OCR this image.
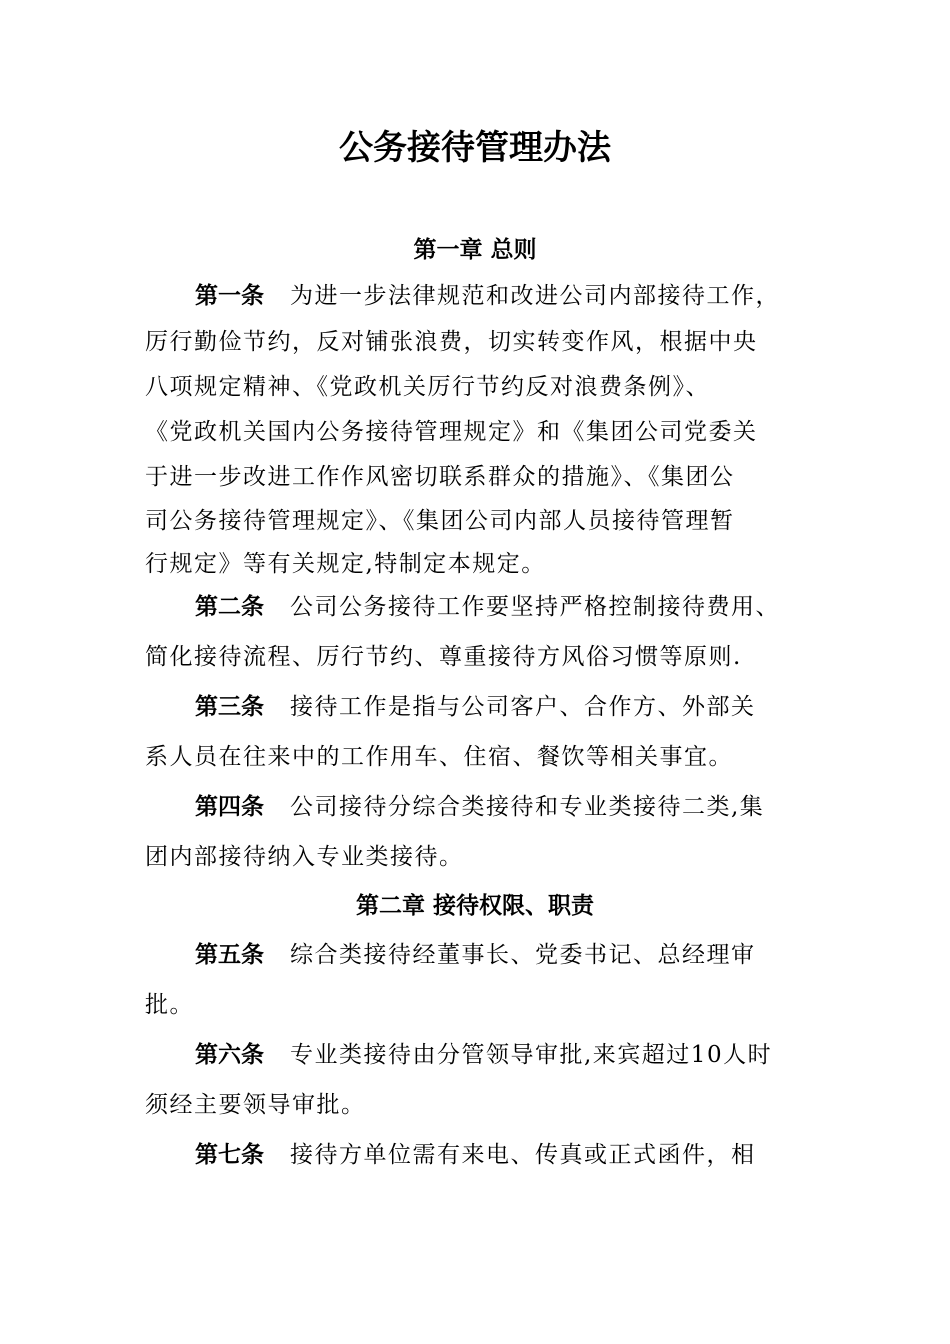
公务接待管理办法
第一章 总则
第一条 为进一步法律规范和改进公司内部接待工作，
厉行勤俭节约，反对铺张浪费，切实转变作风，根据中央
八项规定精神、《党政机关厉行节约反对浪费条例》、
《党政机关国内公务接待管理规定》和《集团公司党委关
于进一步改进工作作风密切联系群众的措施》、《集团公
司公务接待管理规定》、《集团公司内部人员接待管理暂
行规定》等有关规定,特制定本规定。
第二条 公司公务接待工作要坚持严格控制接待费用、
简化接待流程、厉行节约、尊重接待方风俗习惯等原则.
第三条 接待工作是指与公司客户、合作方、外部关
系人员在往来中的工作用车、住宿、餐饮等相关事宜。
第四条 公司接待分综合类接待和专业类接待二类,集
团内部接待纳入专业类接待。
第二章 接待权限、职责
第五条 综合类接待经董事长、党委书记、总经理审
批。
第六条 专业类接待由分管领导审批,来宾超过10人时
须经主要领导审批。
第七条 接待方单位需有来电、传真或正式函件，相
